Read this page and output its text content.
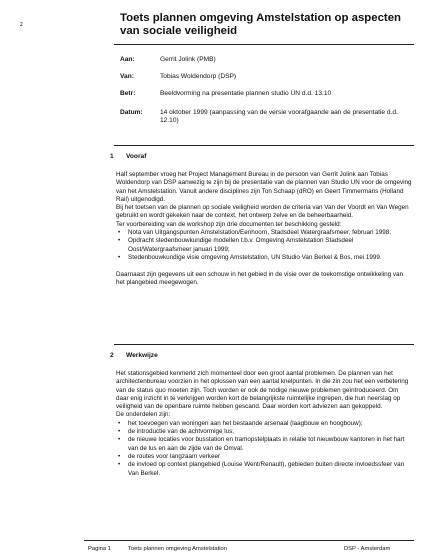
z
Toets plannen omgeving Amstelstation op aspecten van sociale veiligheid
Aan:	Gerrit Jolink (PMB)
Van:	Tobias Woldendorp (DSP)
Betr:	Beeldvorming na presentatie plannen studio UN d.d. 13.10
Datum:	14 oktober 1999 (aanpassing van de versie voorafgaande aan de presentatie d.d. 12.10)
1 Vooraf

Half september vroeg het Project Management Bureau in de persoon van Gerrit Jolink aan Tobias Woldendorp van DSP aanwezig te zijn bij de presentatie van de plannen van Studio UN voor de omgeving van het Amstelstation. Vanuit andere disciplines zijn Ton Schaap (dRO) en Geert Timmermans (Holland Rail) uitgenodigd.

Bij het toetsen van de plannen op sociale veiligheid worden de criteria van Van der Voordt en Van Wegen gebruikt en wordt gekeken naar de context, het ontwerp zelve en de beheerbaarheid.

Ter voorbereiding van de workshop zijn drie documenten ter beschikking gesteld:

• Nota van Uitgangspunten Amstelstation/Eenhoorn, Stadsdeel Watergraafsmeer, februari 1998;
• Opdracht stedenbouwkundige modellen t.b.v. Omgeving Amstelstation Stadsdeel Oost/Watergraafsmeer januari 1999;
• Stedenbouwkundige visie omgeving Amstelstation, UN Studio Van Berkel & Bos, mei 1999.

Daarnaast zijn gegevens uit een schouw in het gebied in de visie over de toekomstige ontwikkeling van het plangebied meegewogen.

2 Werkwijze

Het stationsgebied kenmerkt zich momenteel door een groot aantal problemen. De plannen van het architectenbureau voorzien in het oplossen van een aantal knelpunten. In die zin zou het een verbetering van de status quo moeten zijn. Toch worden er ook de nodige nieuwe problemen geïntroduceerd. Om daar enig inzicht in te verkrijgen worden kort de belangrijkste ruimtelijke ingrepen, die hun neerslag op veiligheid van de openbare ruimte hebben gescand. Daar worden kort adviezen aan gekoppeld.

De onderdelen zijn:

• het toevoegen van woningen aan het bestaande arsenaal (laagbouw en hoogbouw);
• de introductie van de achtvormige lus;
• de nieuwe locaties voor busstation en tramopstelplaats in relatie tot nieuwbouw kantoren in het hart van de lus en aan de zijde van de Omval.
• de routes voor langzaam verkeer
• de invloed op context plangebied (Louise Went/Renault), gebieden buiten directe invloedssfeer van Van Berkel.
Pagina 1	Toets plannen omgeving Amstelstation	DSP - Amsterdam
